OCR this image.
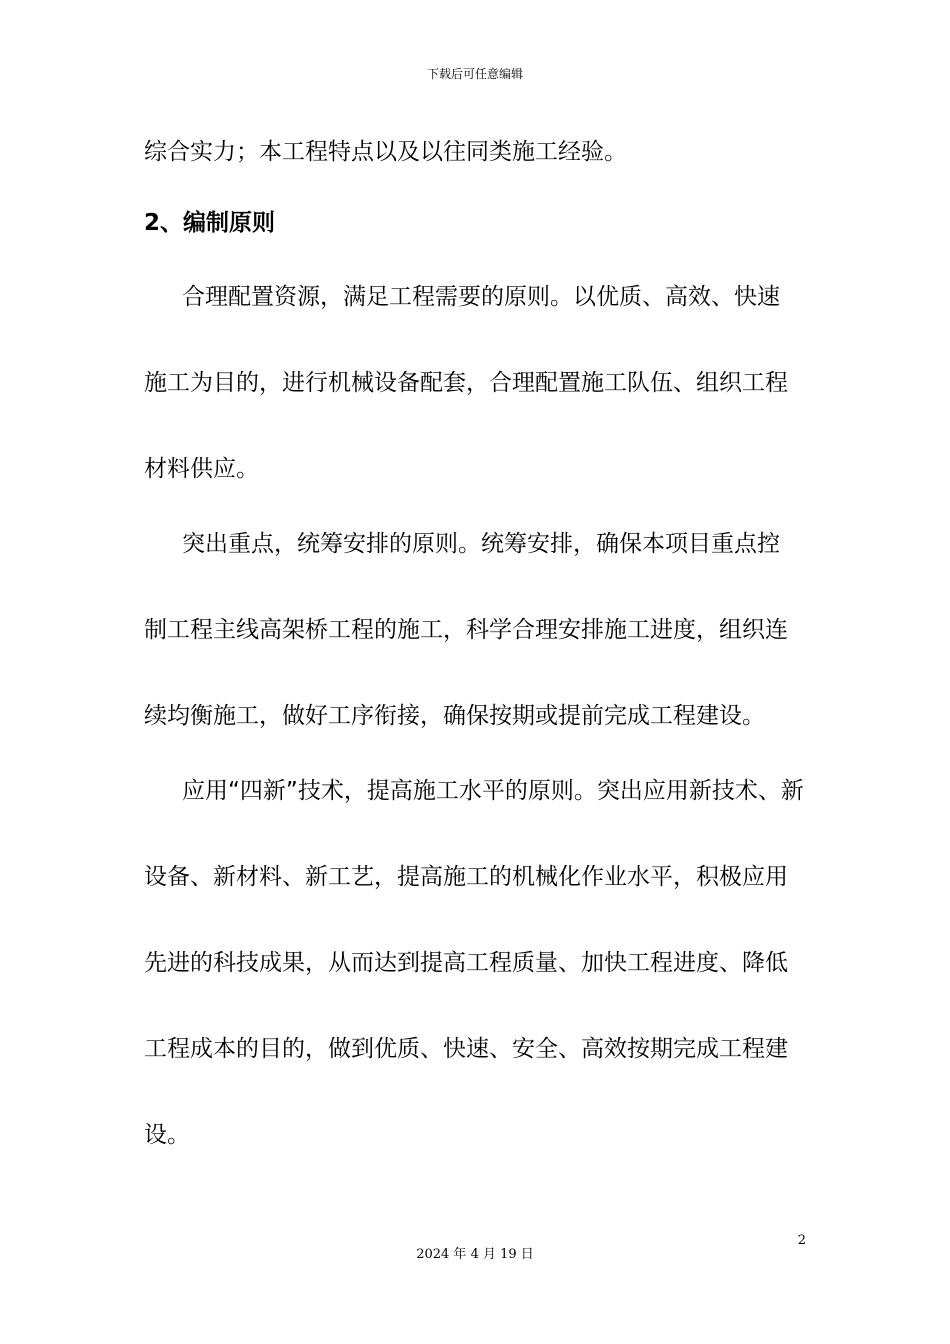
下载后可任意编辑
综合实力；本工程特点以及以往同类施工经验。
2、编制原则
合理配置资源，满足工程需要的原则。以优质、高效、快速
施工为目的，进行机械设备配套，合理配置施工队伍、组织工程
材料供应。
突出重点，统筹安排的原则。统筹安排，确保本项目重点控
制工程主线高架桥工程的施工，科学合理安排施工进度，组织连
续均衡施工，做好工序衔接，确保按期或提前完成工程建设。
应用“四新”技术，提高施工水平的原则。突出应用新技术、新
设备、新材料、新工艺，提高施工的机械化作业水平，积极应用
先进的科技成果，从而达到提高工程质量、加快工程进度、降低
工程成本的目的，做到优质、快速、安全、高效按期完成工程建
设。
2
2024 年 4 月 19 日
